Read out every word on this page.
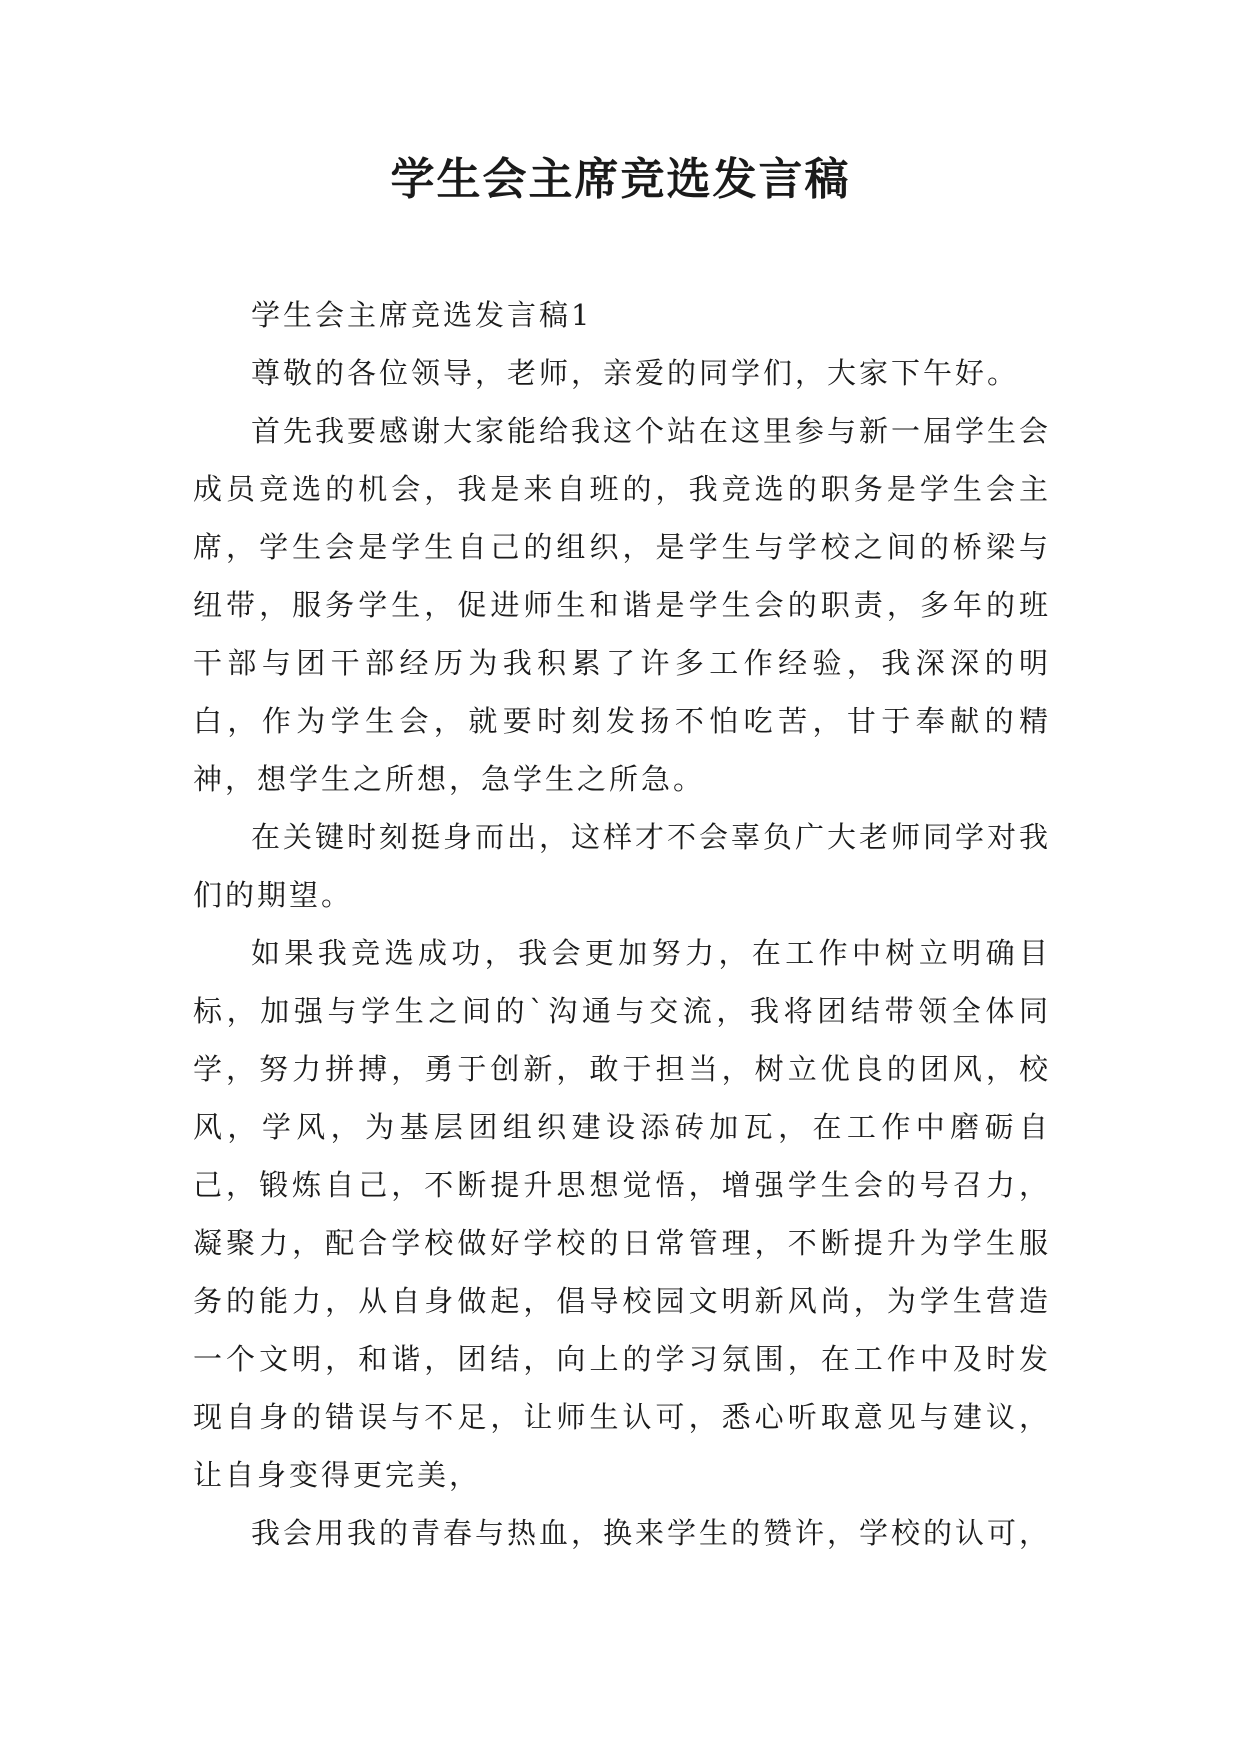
学生会主席竞选发言稿

学生会主席竞选发言稿1

尊敬的各位领导，老师，亲爱的同学们，大家下午好。

首先我要感谢大家能给我这个站在这里参与新一届学生会成员竞选的机会，我是来自班的，我竞选的职务是学生会主席，学生会是学生自己的组织，是学生与学校之间的桥梁与纽带，服务学生，促进师生和谐是学生会的职责，多年的班干部与团干部经历为我积累了许多工作经验，我深深的明白，作为学生会，就要时刻发扬不怕吃苦，甘于奉献的精神，想学生之所想，急学生之所急。

在关键时刻挺身而出，这样才不会辜负广大老师同学对我们的期望。

如果我竞选成功，我会更加努力，在工作中树立明确目标，加强与学生之间的`沟通与交流，我将团结带领全体同学，努力拼搏，勇于创新，敢于担当，树立优良的团风，校风，学风，为基层团组织建设添砖加瓦，在工作中磨砺自己，锻炼自己，不断提升思想觉悟，增强学生会的号召力，凝聚力，配合学校做好学校的日常管理，不断提升为学生服务的能力，从自身做起，倡导校园文明新风尚，为学生营造一个文明，和谐，团结，向上的学习氛围，在工作中及时发现自身的错误与不足，让师生认可，悉心听取意见与建议，让自身变得更完美，

我会用我的青春与热血，换来学生的赞许，学校的认可，
